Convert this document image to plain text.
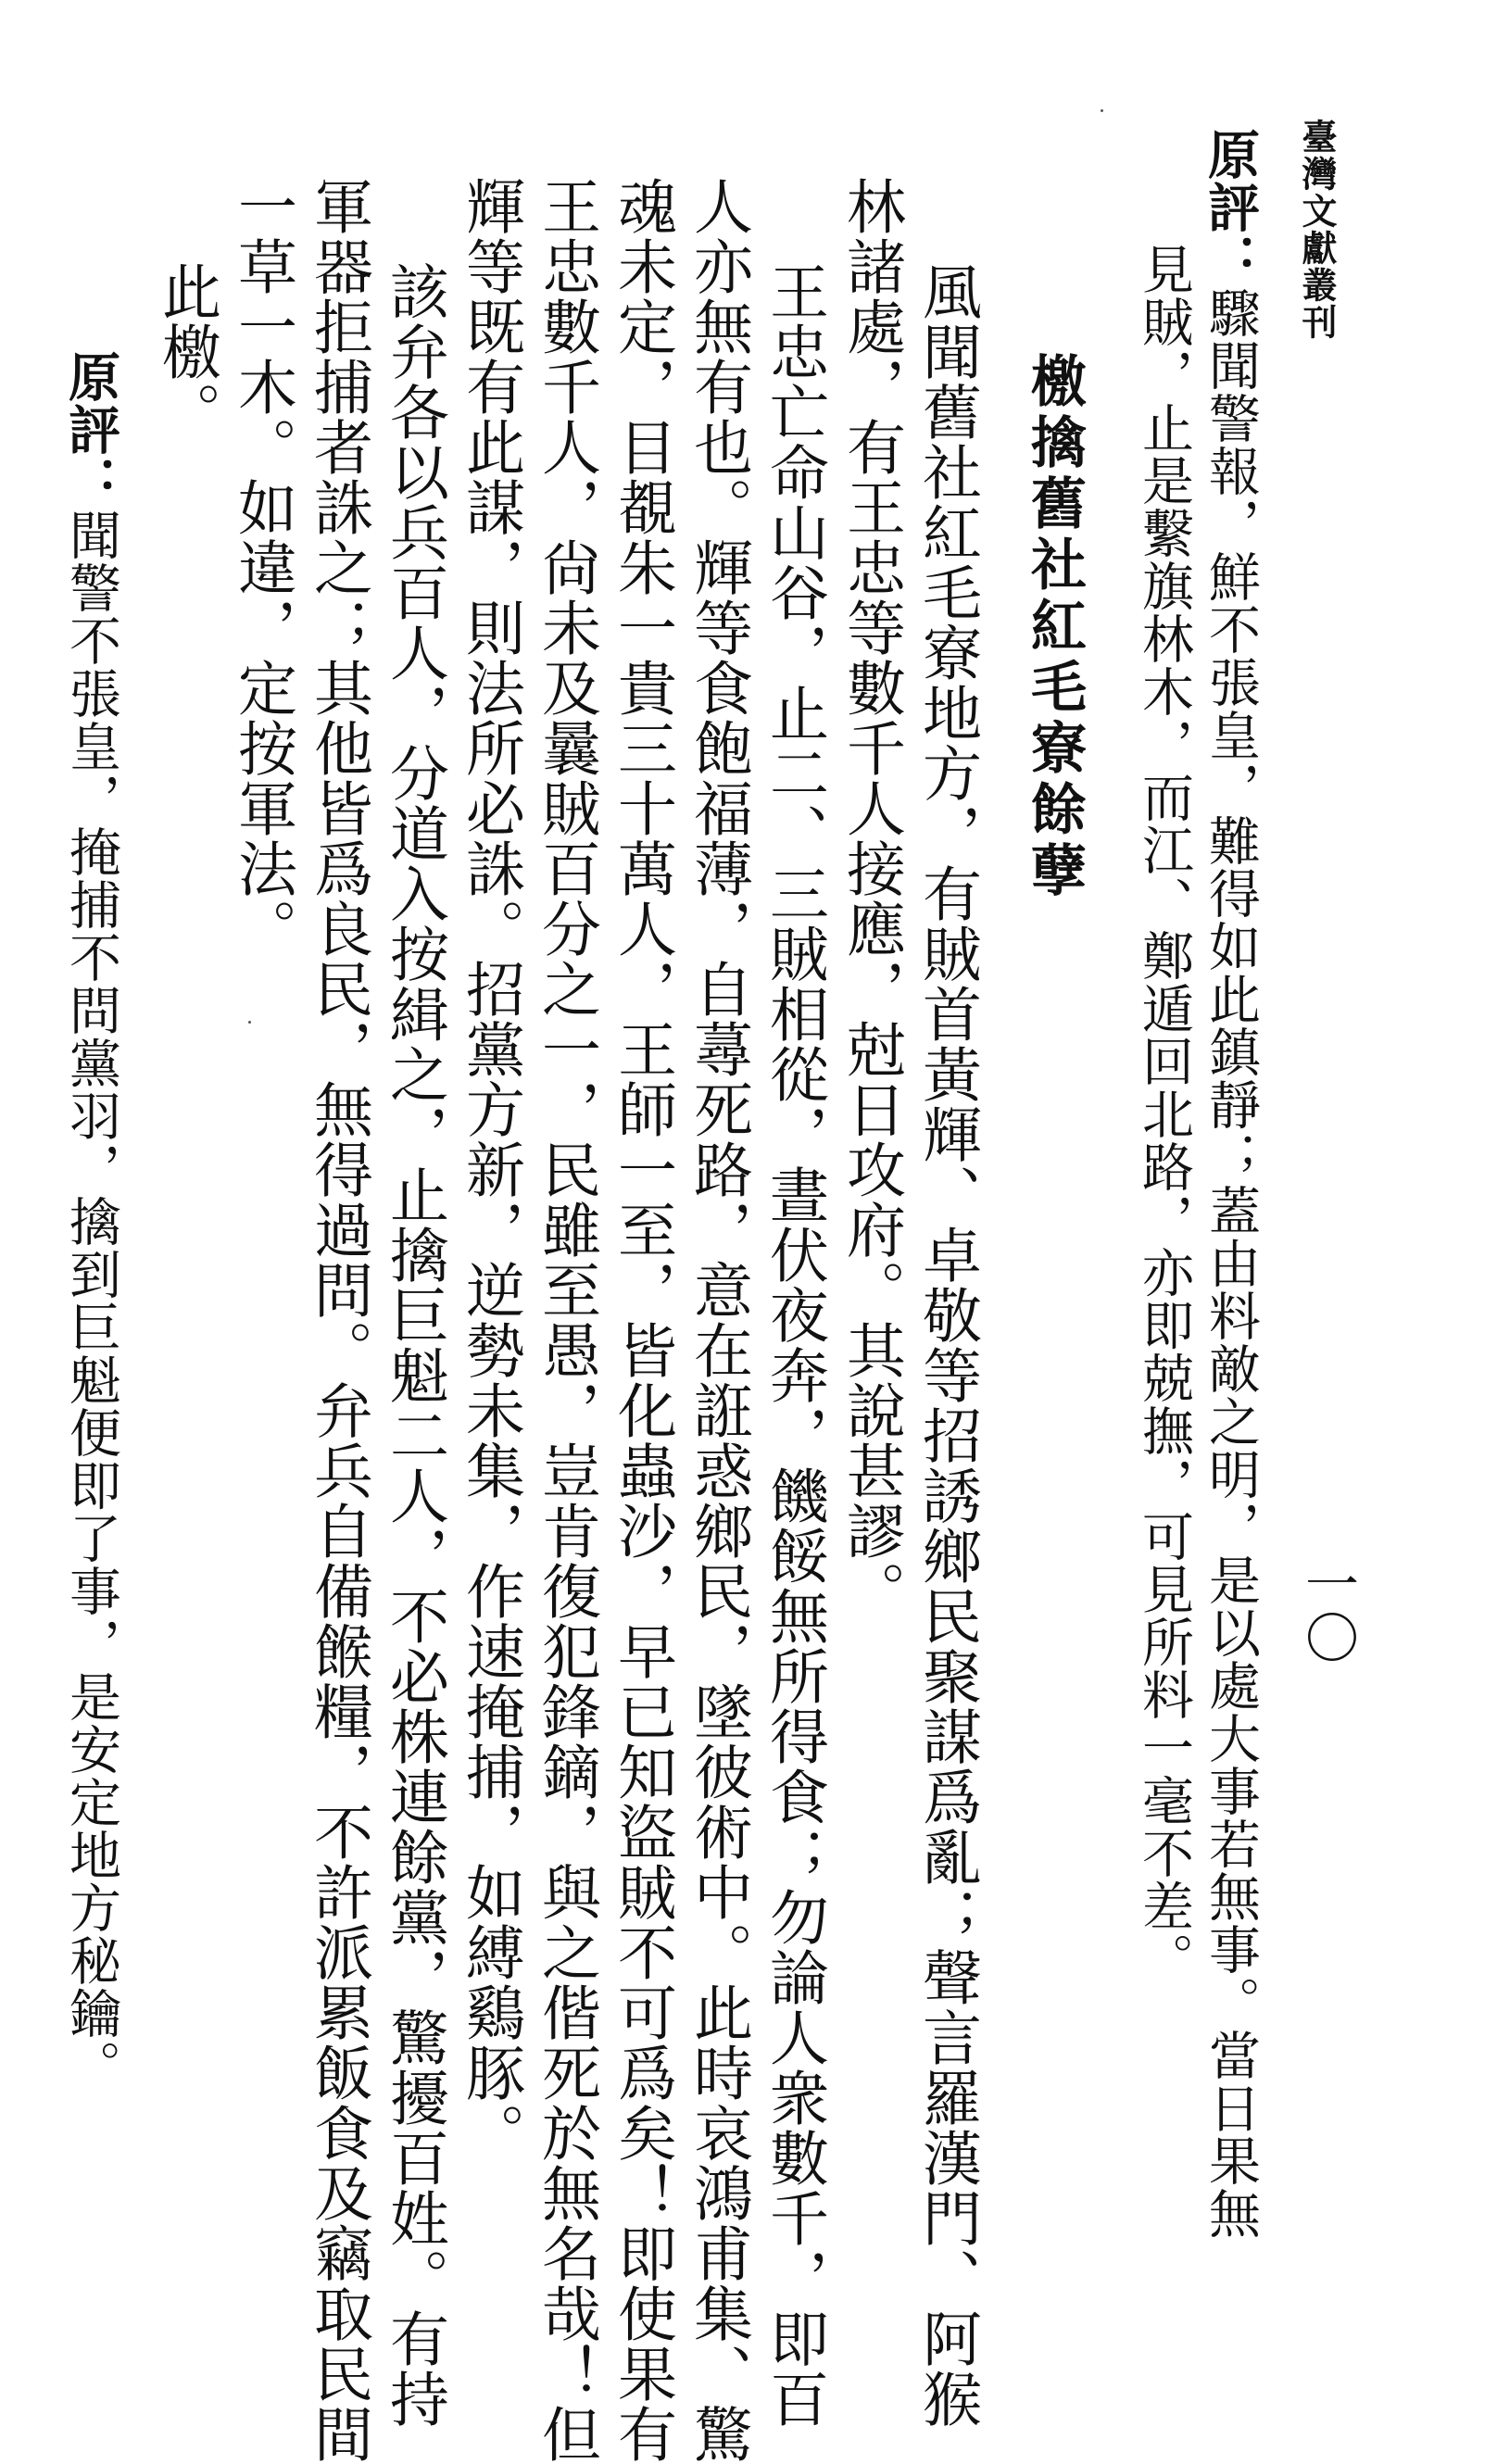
臺灣文獻叢刊
一〇
原評：驟聞警報，鮮不張皇，難得如此鎮靜；蓋由料敵之明，是以處大事若無事。當日果無
見賊，止是繫旗林木，而江、鄭遁回北路，亦即兢撫，可見所料一毫不差。
檄擒舊社紅毛寮餘孽
風聞舊社紅毛寮地方，有賊首黃輝、卓敬等招誘鄉民聚謀爲亂；聲言羅漢門、阿猴
林諸處，有王忠等數千人接應，尅日攻府。其說甚謬。
王忠亡命山谷，止二、三賊相從，晝伏夜奔，饑餒無所得食；勿論人衆數千，即百
人亦無有也。輝等食飽福薄，自蕁死路，意在誑惑鄉民，墜彼術中。此時哀鴻甫集、驚
魂未定，目覩朱一貴三十萬人，王師一至，皆化蟲沙，早已知盜賊不可爲矣！即使果有
王忠數千人，尙未及曩賊百分之一，民雖至愚，豈肯復犯鋒鏑，與之偕死於無名哉！但
輝等既有此謀，則法所必誅。招黨方新，逆勢未集，作速掩捕，如縛鷄豚。
該弁各以兵百人，分道入按緝之，止擒巨魁二人，不必株連餘黨，驚擾百姓。有持
軍器拒捕者誅之；其他皆爲良民，無得過問。弁兵自備餱糧，不許派累飯食及竊取民間
一草一木。如違，定按軍法。
此檄。
原評：聞警不張皇，掩捕不問黨羽，擒到巨魁便即了事，是安定地方秘鑰。
